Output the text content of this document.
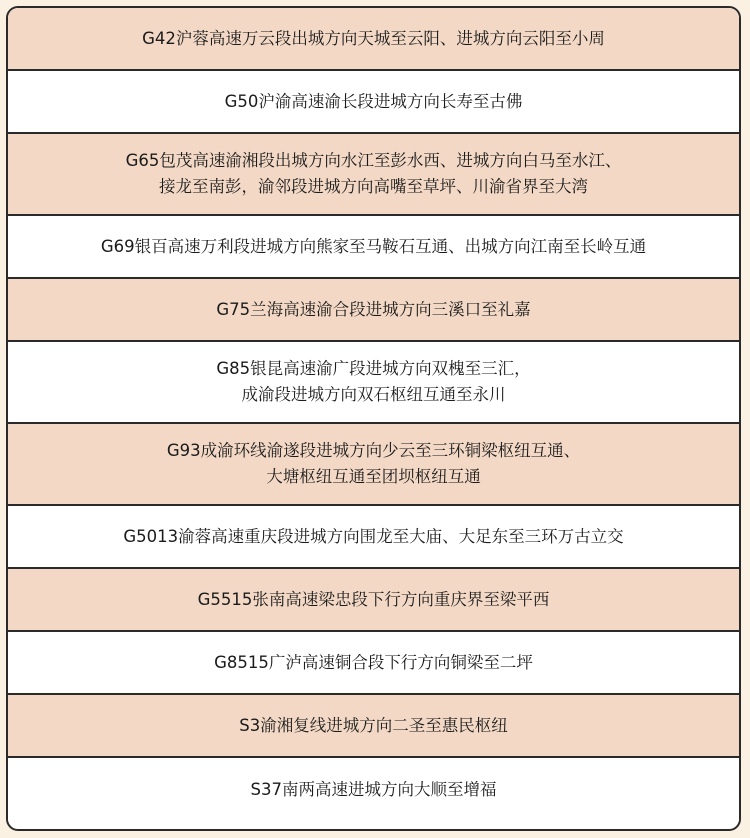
G42沪蓉高速万云段出城方向天城至云阳、进城方向云阳至小周
G50沪渝高速渝长段进城方向长寿至古佛
G65包茂高速渝湘段出城方向水江至彭水西、进城方向白马至水江、
接龙至南彭，渝邻段进城方向高嘴至草坪、川渝省界至大湾
G69银百高速万利段进城方向熊家至马鞍石互通、出城方向江南至长岭互通
G75兰海高速渝合段进城方向三溪口至礼嘉
G85银昆高速渝广段进城方向双槐至三汇，
成渝段进城方向双石枢纽互通至永川
G93成渝环线渝遂段进城方向少云至三环铜梁枢纽互通、
大塘枢纽互通至团坝枢纽互通
G5013渝蓉高速重庆段进城方向围龙至大庙、大足东至三环万古立交
G5515张南高速梁忠段下行方向重庆界至梁平西
G8515广泸高速铜合段下行方向铜梁至二坪
S3渝湘复线进城方向二圣至惠民枢纽
S37南两高速进城方向大顺至增福
